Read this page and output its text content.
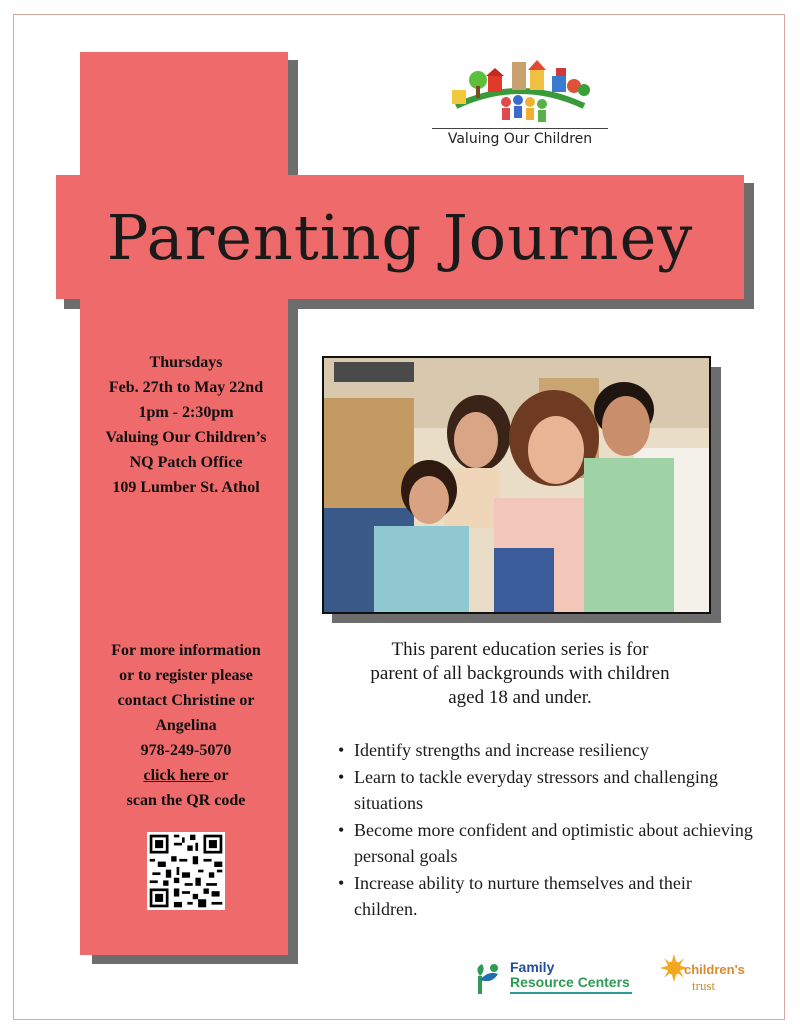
Parenting Journey
Valuing Our Children
Thursdays
Feb. 27th to May 22nd
1pm - 2:30pm
Valuing Our Children’s
NQ Patch Office
109 Lumber St. Athol
For more information
or to register please
contact Christine or
Angelina
978-249-5070
click here or
scan the QR code
This parent education series is for
parent of all backgrounds with children
aged 18 and under.
• Identify strengths and increase resiliency
• Learn to tackle everyday stressors and challenging situations
• Become more confident and optimistic about achieving personal goals
• Increase ability to nurture themselves and their children.
Family
Resource Centers
children's
trust
